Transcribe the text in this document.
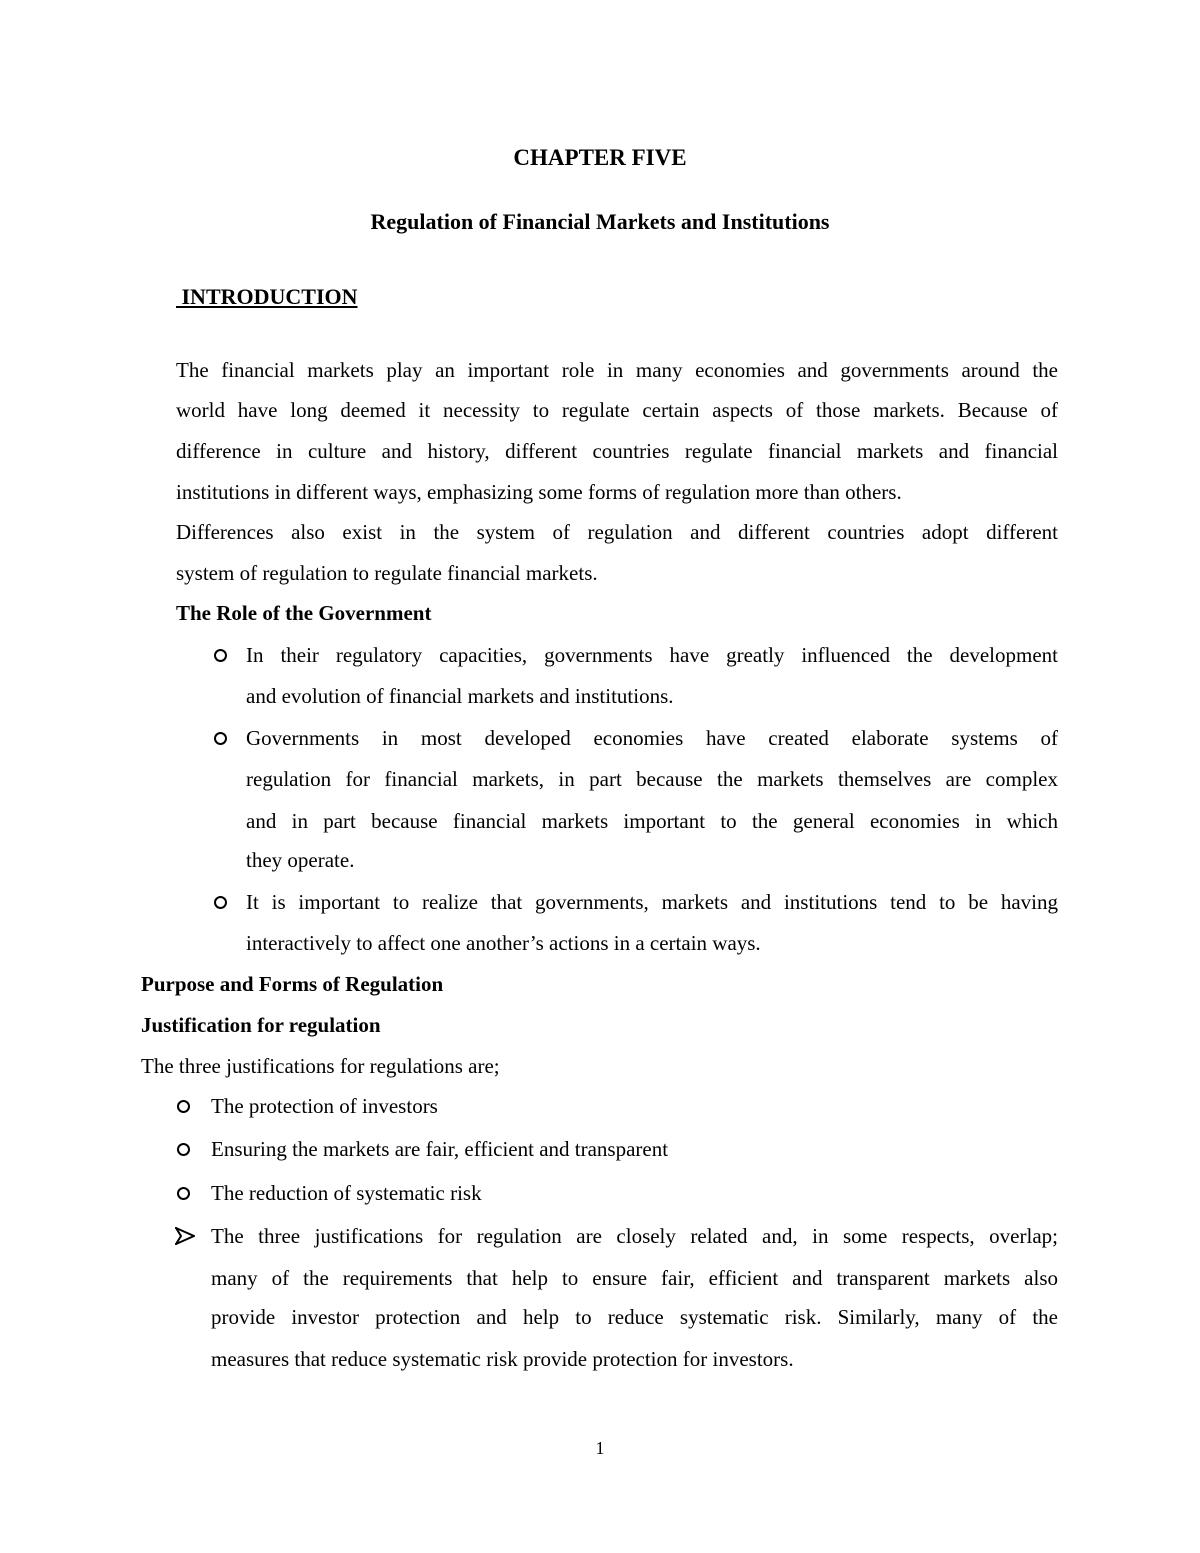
CHAPTER FIVE
Regulation of Financial Markets and Institutions
INTRODUCTION
The financial markets play an important role in many economies and governments around the
world have long deemed it necessity to regulate certain aspects of those markets. Because of
difference in culture and history, different countries regulate financial markets and financial
institutions in different ways, emphasizing some forms of regulation more than others.
Differences also exist in the system of regulation and different countries adopt different
system of regulation to regulate financial markets.
The Role of the Government
In their regulatory capacities, governments have greatly influenced the development
and evolution of financial markets and institutions.
Governments in most developed economies have created elaborate systems of
regulation for financial markets, in part because the markets themselves are complex
and in part because financial markets important to the general economies in which
they operate.
It is important to realize that governments, markets and institutions tend to be having
interactively to affect one another’s actions in a certain ways.
Purpose and Forms of Regulation
Justification for regulation
The three justifications for regulations are;
The protection of investors
Ensuring the markets are fair, efficient and transparent
The reduction of systematic risk
The three justifications for regulation are closely related and, in some respects, overlap;
many of the requirements that help to ensure fair, efficient and transparent markets also
provide investor protection and help to reduce systematic risk. Similarly, many of the
measures that reduce systematic risk provide protection for investors.
1
